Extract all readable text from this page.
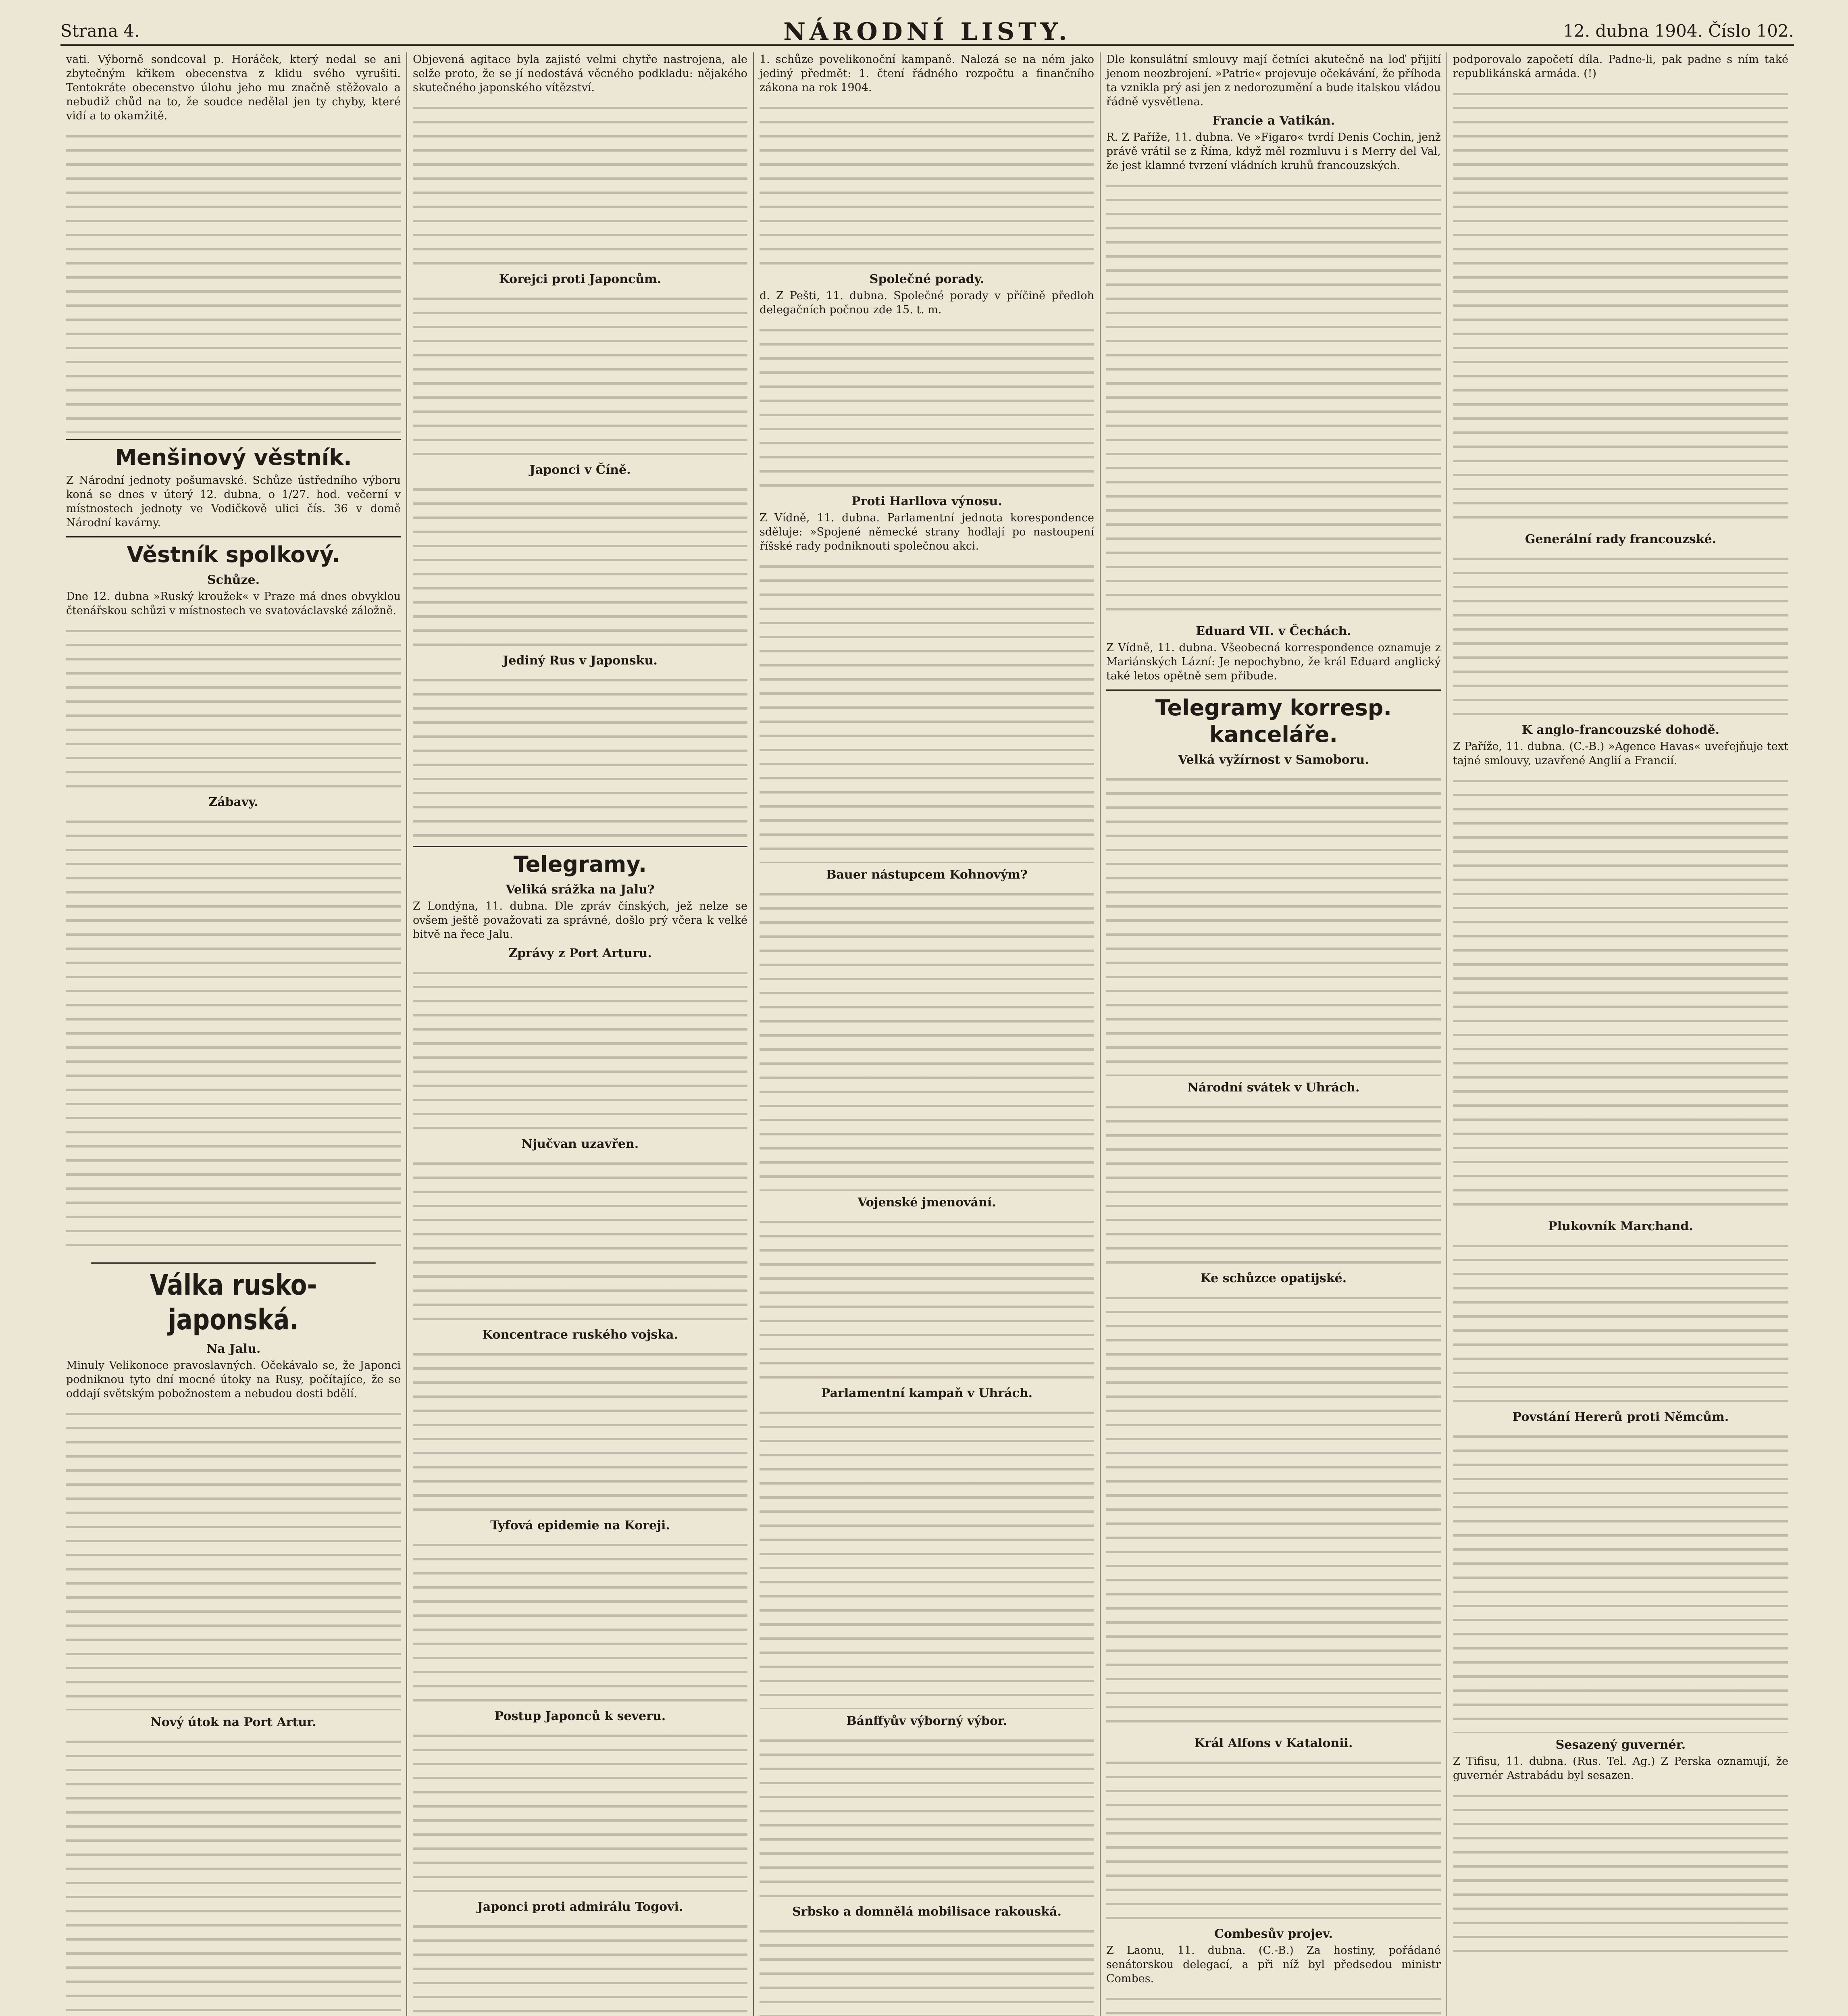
Strana 4.	NÁRODNÍ LISTY.	12. dubna 1904. Číslo 102.

vati. Výborně sondcoval p. Horáček, který nedal se ani zbytečným křikem obecenstva z klidu svého vyrušiti. Tentokráte obecenstvo úlohu jeho mu značně stěžovalo a nebudiž chůd na to, že soudce nedělal jen ty chyby, které vidí a to okamžitě.

Menšinový věstník.

Z Národní jednoty pošumavské. Schůze ústředního výboru koná se dnes v úterý 12. dubna, o 1/27. hod. večerní v místnostech jednoty ve Vodičkově ulici čís. 36 v domě Národní kavárny.

Věstník spolkový.
Schůze.

Dne 12. dubna »Ruský kroužek« v Praze má dnes obvyklou čtenářskou schůzi v místnostech ve svatováclavské záložně.

Zábavy.
Válka rusko-japonská.
Na Jalu.

Minuly Velikonoce pravoslavných. Očekávalo se, že Japonci podniknou tyto dní mocné útoky na Rusy, počítajíce, že se oddají světským pobožnostem a nebudou dosti bdělí.

Nový útok na Port Artur.

Objevená agitace byla zajisté velmi chytře nastrojena, ale selže proto, že se jí nedostává věcného podkladu: nějakého skutečného japonského vítězství.

Korejci proti Japoncům.
Japonci v Číně.
Jediný Rus v Japonsku.
Telegramy.
Veliká srážka na Jalu?

Z Londýna, 11. dubna. Dle zpráv čínských, jež nelze se ovšem ještě považovati za správné, došlo prý včera k velké bitvě na řece Jalu.

Zprávy z Port Arturu.
Njučvan uzavřen.
Koncentrace ruského vojska.
Tyfová epidemie na Koreji.
Postup Japonců k severu.
Japonci proti admirálu Togovi.

1. schůze povelikonoční kampaně. Nalezá se na ném jako jediný předmět: 1. čtení řádného rozpočtu a finančního zákona na rok 1904.

Společné porady.

d. Z Pešti, 11. dubna. Společné porady v příčině předloh delegačních počnou zde 15. t. m.

Proti Harllova výnosu.

Z Vídně, 11. dubna. Parlamentní jednota korespondence sděluje: »Spojené německé strany hodlají po nastoupení říšské rady podniknouti společnou akci.

Bauer nástupcem Kohnovým?
Vojenské jmenování.
Parlamentní kampaň v Uhrách.
Bánffyův výborný výbor.
Srbsko a domnělá mobilisace rakouská.

Dle konsulátní smlouvy mají četníci akutečně na loď přijití jenom neozbrojení. »Patrie« projevuje očekávání, že příhoda ta vznikla prý asi jen z nedorozumění a bude italskou vládou řádně vysvětlena.

Francie a Vatikán.

R. Z Paříže, 11. dubna. Ve »Figaro« tvrdí Denis Cochin, jenž právě vrátil se z Říma, když měl rozmluvu i s Merry del Val, že jest klamné tvrzení vládních kruhů francouzských.

Eduard VII. v Čechách.

Z Vídně, 11. dubna. Všeobecná korrespondence oznamuje z Mariánských Lázní: Je nepochybno, že král Eduard anglický také letos opětně sem přibude.

Telegramy korresp. kanceláře.
Velká vyžírnost v Samoboru.
Národní svátek v Uhrách.
Ke schůzce opatijské.
Král Alfons v Katalonii.
Combesův projev.

Z Laonu, 11. dubna. (C.-B.) Za hostiny, pořádané senátorskou delegací, a při níž byl předsedou ministr Combes.

podporovalo započetí díla. Padne-li, pak padne s ním také republikánská armáda. (!)

Generální rady francouzské.
K anglo-francouzské dohodě.

Z Paříže, 11. dubna. (C.-B.) »Agence Havas« uveřejňuje text tajné smlouvy, uzavřené Anglií a Francií.

Plukovník Marchand.
Povstání Hererů proti Němcům.
Sesazený guvernér.

Z Tifisu, 11. dubna. (Rus. Tel. Ag.) Z Perska oznamují, že guvernér Astrabádu byl sesazen.
